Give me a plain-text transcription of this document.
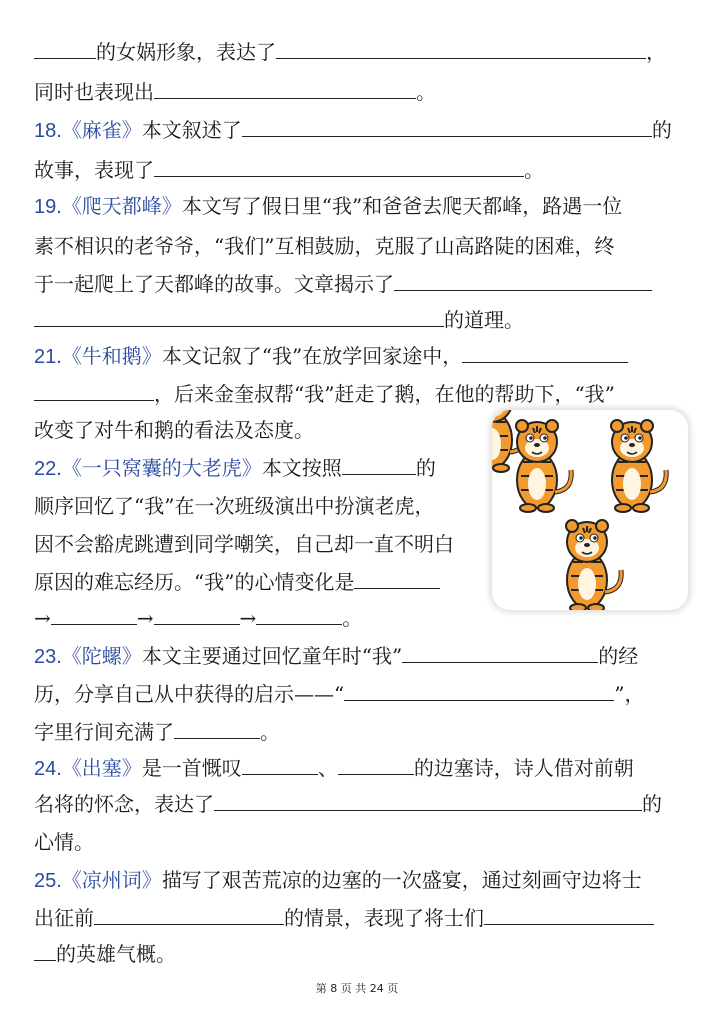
的女娲形象，表达了	，
同时也表现出	。
18.《麻雀》本文叙述了	的
故事，表现了	。
19.《爬天都峰》本文写了假日里“我”和爸爸去爬天都峰，路遇一位
素不相识的老爷爷，“我们”互相鼓励，克服了山高路陡的困难，终
于一起爬上了天都峰的故事。文章揭示了
的道理。
21.《牛和鹅》本文记叙了“我”在放学回家途中，
，后来金奎叔帮“我”赶走了鹅，在他的帮助下，“我”
改变了对牛和鹅的看法及态度。
22.《一只窝囊的大老虎》本文按照	的
顺序回忆了“我”在一次班级演出中扮演老虎，
因不会豁虎跳遭到同学嘲笑，自己却一直不明白
原因的难忘经历。“我”的心情变化是
→	→	→	。
23.《陀螺》本文主要通过回忆童年时“我”	的经
历，分享自己从中获得的启示——“	”，
字里行间充满了	。
24.《出塞》是一首慨叹	、	的边塞诗，诗人借对前朝
名将的怀念，表达了	的
心情。
25.《凉州词》描写了艰苦荒凉的边塞的一次盛宴，通过刻画守边将士
出征前	的情景，表现了将士们
的英雄气概。
第 8 页 共 24 页
